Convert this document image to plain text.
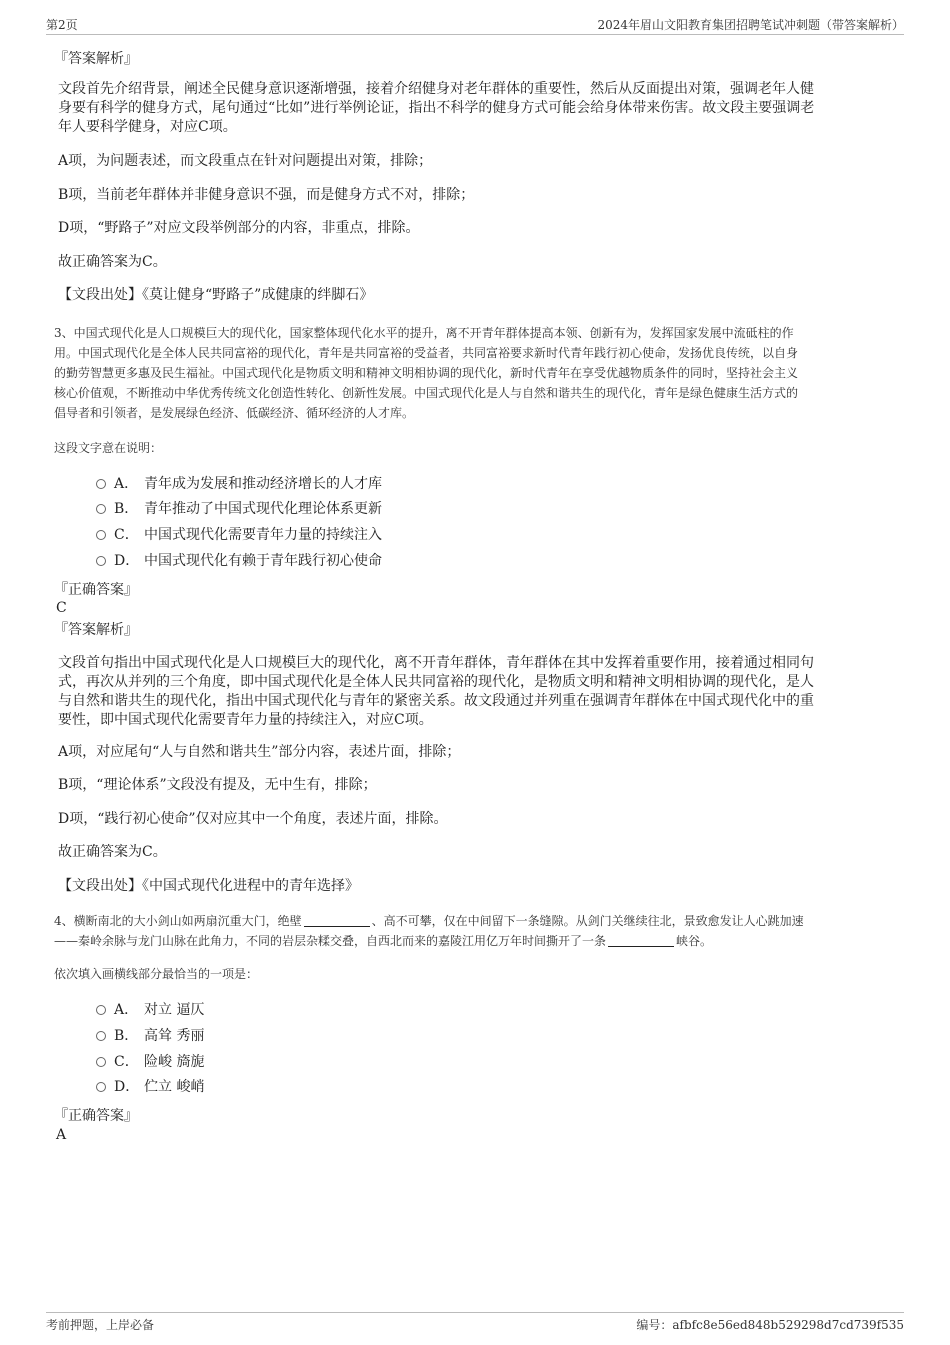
第2页	2024年眉山文阳教育集团招聘笔试冲刺题（带答案解析）
『答案解析』
文段首先介绍背景，阐述全民健身意识逐渐增强，接着介绍健身对老年群体的重要性，然后从反面提出对策，强调老年人健
身要有科学的健身方式，尾句通过“比如”进行举例论证，指出不科学的健身方式可能会给身体带来伤害。故文段主要强调老
年人要科学健身，对应C项。
A项，为问题表述，而文段重点在针对问题提出对策，排除；
B项，当前老年群体并非健身意识不强，而是健身方式不对，排除；
D项，“野路子”对应文段举例部分的内容，非重点，排除。
故正确答案为C。
【文段出处】《莫让健身“野路子”成健康的绊脚石》
3、中国式现代化是人口规模巨大的现代化，国家整体现代化水平的提升，离不开青年群体提高本领、创新有为，发挥国家发展中流砥柱的作
用。中国式现代化是全体人民共同富裕的现代化，青年是共同富裕的受益者，共同富裕要求新时代青年践行初心使命，发扬优良传统，以自身
的勤劳智慧更多惠及民生福祉。中国式现代化是物质文明和精神文明相协调的现代化，新时代青年在享受优越物质条件的同时，坚持社会主义
核心价值观，不断推动中华优秀传统文化创造性转化、创新性发展。中国式现代化是人与自然和谐共生的现代化，青年是绿色健康生活方式的
倡导者和引领者，是发展绿色经济、低碳经济、循环经济的人才库。
这段文字意在说明：
A． 青年成为发展和推动经济增长的人才库
B． 青年推动了中国式现代化理论体系更新
C． 中国式现代化需要青年力量的持续注入
D． 中国式现代化有赖于青年践行初心使命
『正确答案』
C
『答案解析』
文段首句指出中国式现代化是人口规模巨大的现代化，离不开青年群体，青年群体在其中发挥着重要作用，接着通过相同句
式，再次从并列的三个角度，即中国式现代化是全体人民共同富裕的现代化，是物质文明和精神文明相协调的现代化，是人
与自然和谐共生的现代化，指出中国式现代化与青年的紧密关系。故文段通过并列重在强调青年群体在中国式现代化中的重
要性，即中国式现代化需要青年力量的持续注入，对应C项。
A项，对应尾句“人与自然和谐共生”部分内容，表述片面，排除；
B项，“理论体系”文段没有提及，无中生有，排除；
D项，“践行初心使命”仅对应其中一个角度，表述片面，排除。
故正确答案为C。
【文段出处】《中国式现代化进程中的青年选择》
4、横断南北的大小剑山如两扇沉重大门，绝壁	、高不可攀，仅在中间留下一条缝隙。从剑门关继续往北，景致愈发让人心跳加速
——秦岭余脉与龙门山脉在此角力，不同的岩层杂糅交叠，自西北而来的嘉陵江用亿万年时间撕开了一条	峡谷。
依次填入画横线部分最恰当的一项是：
A． 对立 逼仄
B． 高耸 秀丽
C． 险峻 旖旎
D． 伫立 峻峭
『正确答案』
A
考前押题，上岸必备	编号：afbfc8e56ed848b529298d7cd739f535
